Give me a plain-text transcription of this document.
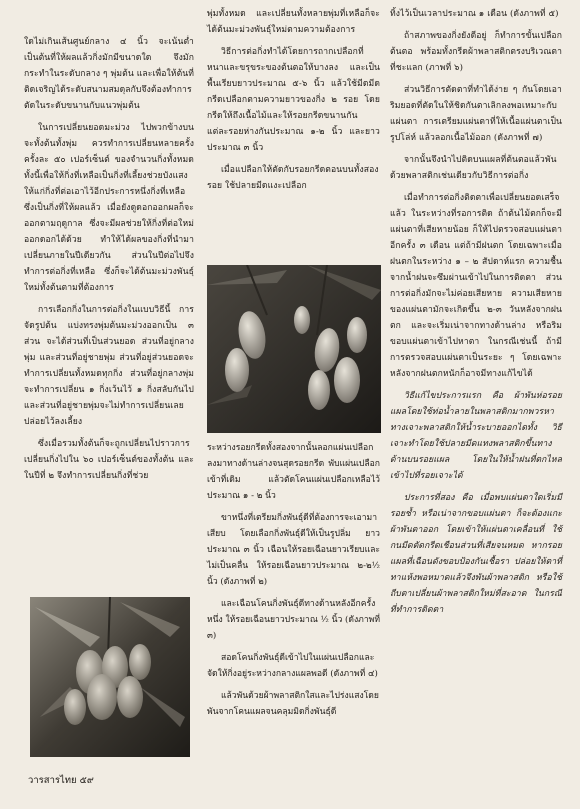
ใดไม่เกินเส้นศูนย์กลาง ๔ นิ้ว จะเน้นต่ำเป็นต้นที่ให้ผลแล้วกิ่งมักมีขนาดใด จึงมักกระทำในระดับกลาง ๆ พุ่มต้น และเพื่อให้ต้นที่ติดเจริญได้ระดับสนามสมดุลกับจึงต้องทำการตัดในระดับขนานกับแนวพุ่มต้น

ในการเปลี่ยนยอดมะม่วง ไปพวกข้างบนจะทั้งต้นทั้งพุ่ม ควรทำการเปลี่ยนหลายครั้ง ครั้งละ ๕๐ เปอร์เซ็นต์ ของจำนวนกิ่งทั้งหมด ทั้งนี้เพื่อให้กิ่งที่เหลือเป็นกิ่งที่เลี้ยงช่วยบังแสงให้แก่กิ่งที่ต่อเอาไว้อีกประการหนึ่งกิ่งที่เหลือ ซึ่งเป็นกิ่งที่ให้ผลแล้ว เมื่อยังดูดอกออกผลก็จะออกตามฤดูกาล ซึ่งจะมีผลช่วยให้กิ่งที่ต่อใหม่ออกดอกได้ด้วย ทำให้ได้ผลของกิ่งที่นำมาเปลี่ยนภายในปีเดียวกัน ส่วนในปีต่อไปจึงทำการต่อกิ่งที่เหลือ ซึ่งก็จะได้ต้นมะม่วงพันธุ์ใหม่ทั้งต้นตามที่ต้องการ

การเลือกกิ่งในการต่อกิ่งในแบบวิธีนี้ การจัดรูปต้น แบ่งทรงพุ่มต้นมะม่วงออกเป็น ๓ ส่วน จะได้ส่วนที่เป็นส่วนยอด ส่วนที่อยู่กลางพุ่ม และส่วนที่อยู่ชายพุ่ม ส่วนที่อยู่ส่วนยอดจะทำการเปลี่ยนทั้งหมดทุกกิ่ง ส่วนที่อยู่กลางพุ่มจะทำการเปลี่ยน ๑ กิ่งเว้นไว้ ๑ กิ่งสลับกันไป และส่วนที่อยู่ชายพุ่มจะไม่ทำการเปลี่ยนเลย ปล่อยไว้ลงเลี้ยง

ซึ่งเมื่อรวมทั้งต้นก็จะถูกเปลี่ยนไปราวการเปลี่ยนกิ่งไปใน ๖๐ เปอร์เซ็นต์ของทั้งต้น และในปีที่ ๒ จึงทำการเปลี่ยนกิ่งที่ช่วย

พุ่มทั้งหมด และเปลี่ยนทั้งหลายพุ่มที่เหลือก็จะได้ต้นมะม่วงพันธุ์ใหม่ตามความต้องการ

วิธีการต่อกิ่งทำได้โดยการถากเปลือกที่หนาและขรุขระของต้นตอให้บางลง และเป็นพื้นเรียบยาวประมาณ ๕-๖ นิ้ว แล้วใช้มีดมีดกรีดเปลือกตามความยาวของกิ่ง ๒ รอย โดยกรีดให้ถึงเนื้อไม้และให้รอยกรีดขนานกัน แต่ละรอยห่างกันประมาณ ๑-๒ นิ้ว และยาวประมาณ ๓ นิ้ว

เมื่อแปลือกให้ตัดกับรอยกรีดตอนบนทั้งสองรอย ใช้ปลายมีดแงะเปลือก

ระหว่างรอยกรีดทั้งสองจากนั้นลอกแผ่นเปลือกลงมาทางด้านล่างจนสุดรอยกรีด พับแผ่นเปลือกเข้าที่เดิม แล้วตัดโคนแผ่นเปลือกเหลือไว้ประมาณ ๑ - ๒ นิ้ว

ขาหนึ่งที่เตรียมกิ่งพันธุ์ดีที่ต้องการจะเอามาเสียบ โดยเลือกกิ่งพันธุ์ดีให้เป็นรูปลิ่ม ยาวประมาณ ๓ นิ้ว เฉือนให้รอยเฉือนยาวเรียบและไม่เป็นคลื่น ให้รอยเฉือนยาวประมาณ ๒-๒½ นิ้ว (ดังภาพที่ ๒)

และเฉือนโคนกิ่งพันธุ์ดีทางด้านหลังอีกครั้งหนึ่ง ให้รอยเฉือนยาวประมาณ ½ นิ้ว (ดังภาพที่ ๓)

สอดโคนกิ่งพันธุ์ดีเข้าไปในแผ่นเปลือกและจัดให้กิ่งอยู่ระหว่างกลางแผลพอดี (ดังภาพที่ ๔)

แล้วพันด้วยผ้าพลาสติกใสและไปร่งแสงโดยพันจากโคนแผลจนคลุมมิดกิ่งพันธุ์ดี

ทิ้งไว้เป็นเวลาประมาณ ๑ เดือน (ดังภาพที่ ๕)

ถ้าสภาพของกิ่งยังดีอยู่ ก็ทำการขั้นเปลือกต้นตอ พร้อมทั้งกรีดผ้าพลาสติกตรงบริเวณตาที่ชะแลก (ภาพที่ ๖)

ส่วนวิธีการตัดตาที่ทำได้ง่าย ๆ กันโดยเอาริมยอดที่ตัดในให้ชิดกันตาเลิกลงพอเหมาะกับแผ่นตา การเตรียมแผ่นตาที่ให้เนื้อแผ่นตาเป็นรูปโล่ห์ แล้วลอกเนื้อไม้ออก (ดังภาพที่ ๗)

จากนั้นจึงนำไปติดบนแผลที่ต้นตอแล้วพันด้วยพลาสติกเช่นเดียวกับวิธีการต่อกิ่ง

เมื่อทำการต่อกิ่งติดตาเพื่อเปลี่ยนยอดเสร็จแล้ว ในระหว่างที่รอการติด ถ้าต้นไม้ตกก็จะมีแผ่นตาที่เสียหายน้อย ก็ให้ไปตรวจสอบแผ่นตาอีกครั้ง ๓ เดือน แต่ถ้ามีฝนตก โดยเฉพาะเมื่อฝนตกในระหว่าง ๑ – ๒ สัปดาห์แรก ความชื้นจากน้ำฝนจะซึมผ่านเข้าไปในการติดตา ส่วนการต่อกิ่งมักจะไม่ค่อยเสียหาย ความเสียหายของแผ่นตามักจะเกิดขึ้น ๒-๓ วันหลังจากฝนตก และจะเริ่มเน่าจากทางด้านล่าง หรือริมขอบแผ่นตาเข้าไปหาตา ในกรณีเช่นนี้ ถ้ามีการตรวจสอบแผ่นตาเป็นระยะ ๆ โดยเฉพาะหลังจากฝนตกหนักก็อาจมีทางแก้ไขได้

วิธีแก้ไขประการแรก คือ ผ้าพันห่อรอยแผลโดยใช้ท่อน้ำลายในพลาสติกมากพวรหาทางเจาะพลาสติกให้น้ำระบายออกไดทั้ง วิธีเจาะทำโดยใช้ปลายมีดแทงพลาสติกขึ้นทางด้านบนรอยแผล โดยในให้น้ำฝนที่ตกไหลเข้าไปที่รอยเจาะได้

ประการที่สอง คือ เมื่อพบแผ่นตาใดเริ่มมีรอยช้ำ หรือเน่าจากขอบแผ่นตา ก็จะต้องแกะผ้าพันตาออก โดยเข้าให้แผ่นตาเคลื่อนที่ ใช้กนมีดตัดกรีดเชือนส่วนที่เสียจนหมด หากรอยแผลที่เฉือนดังขอบป้องกันเชื้อรา ปล่อยให้ตาที่ทาแห้งพอหมาดแล้วจึงพันผ้าพลาสติก หรือใช้ถีบตาเปลี่ยนผ้าพลาสติกใหม่ที่สะอาด ในกรณีที่ทำการติดตา

วารสารไทย ๕๙
